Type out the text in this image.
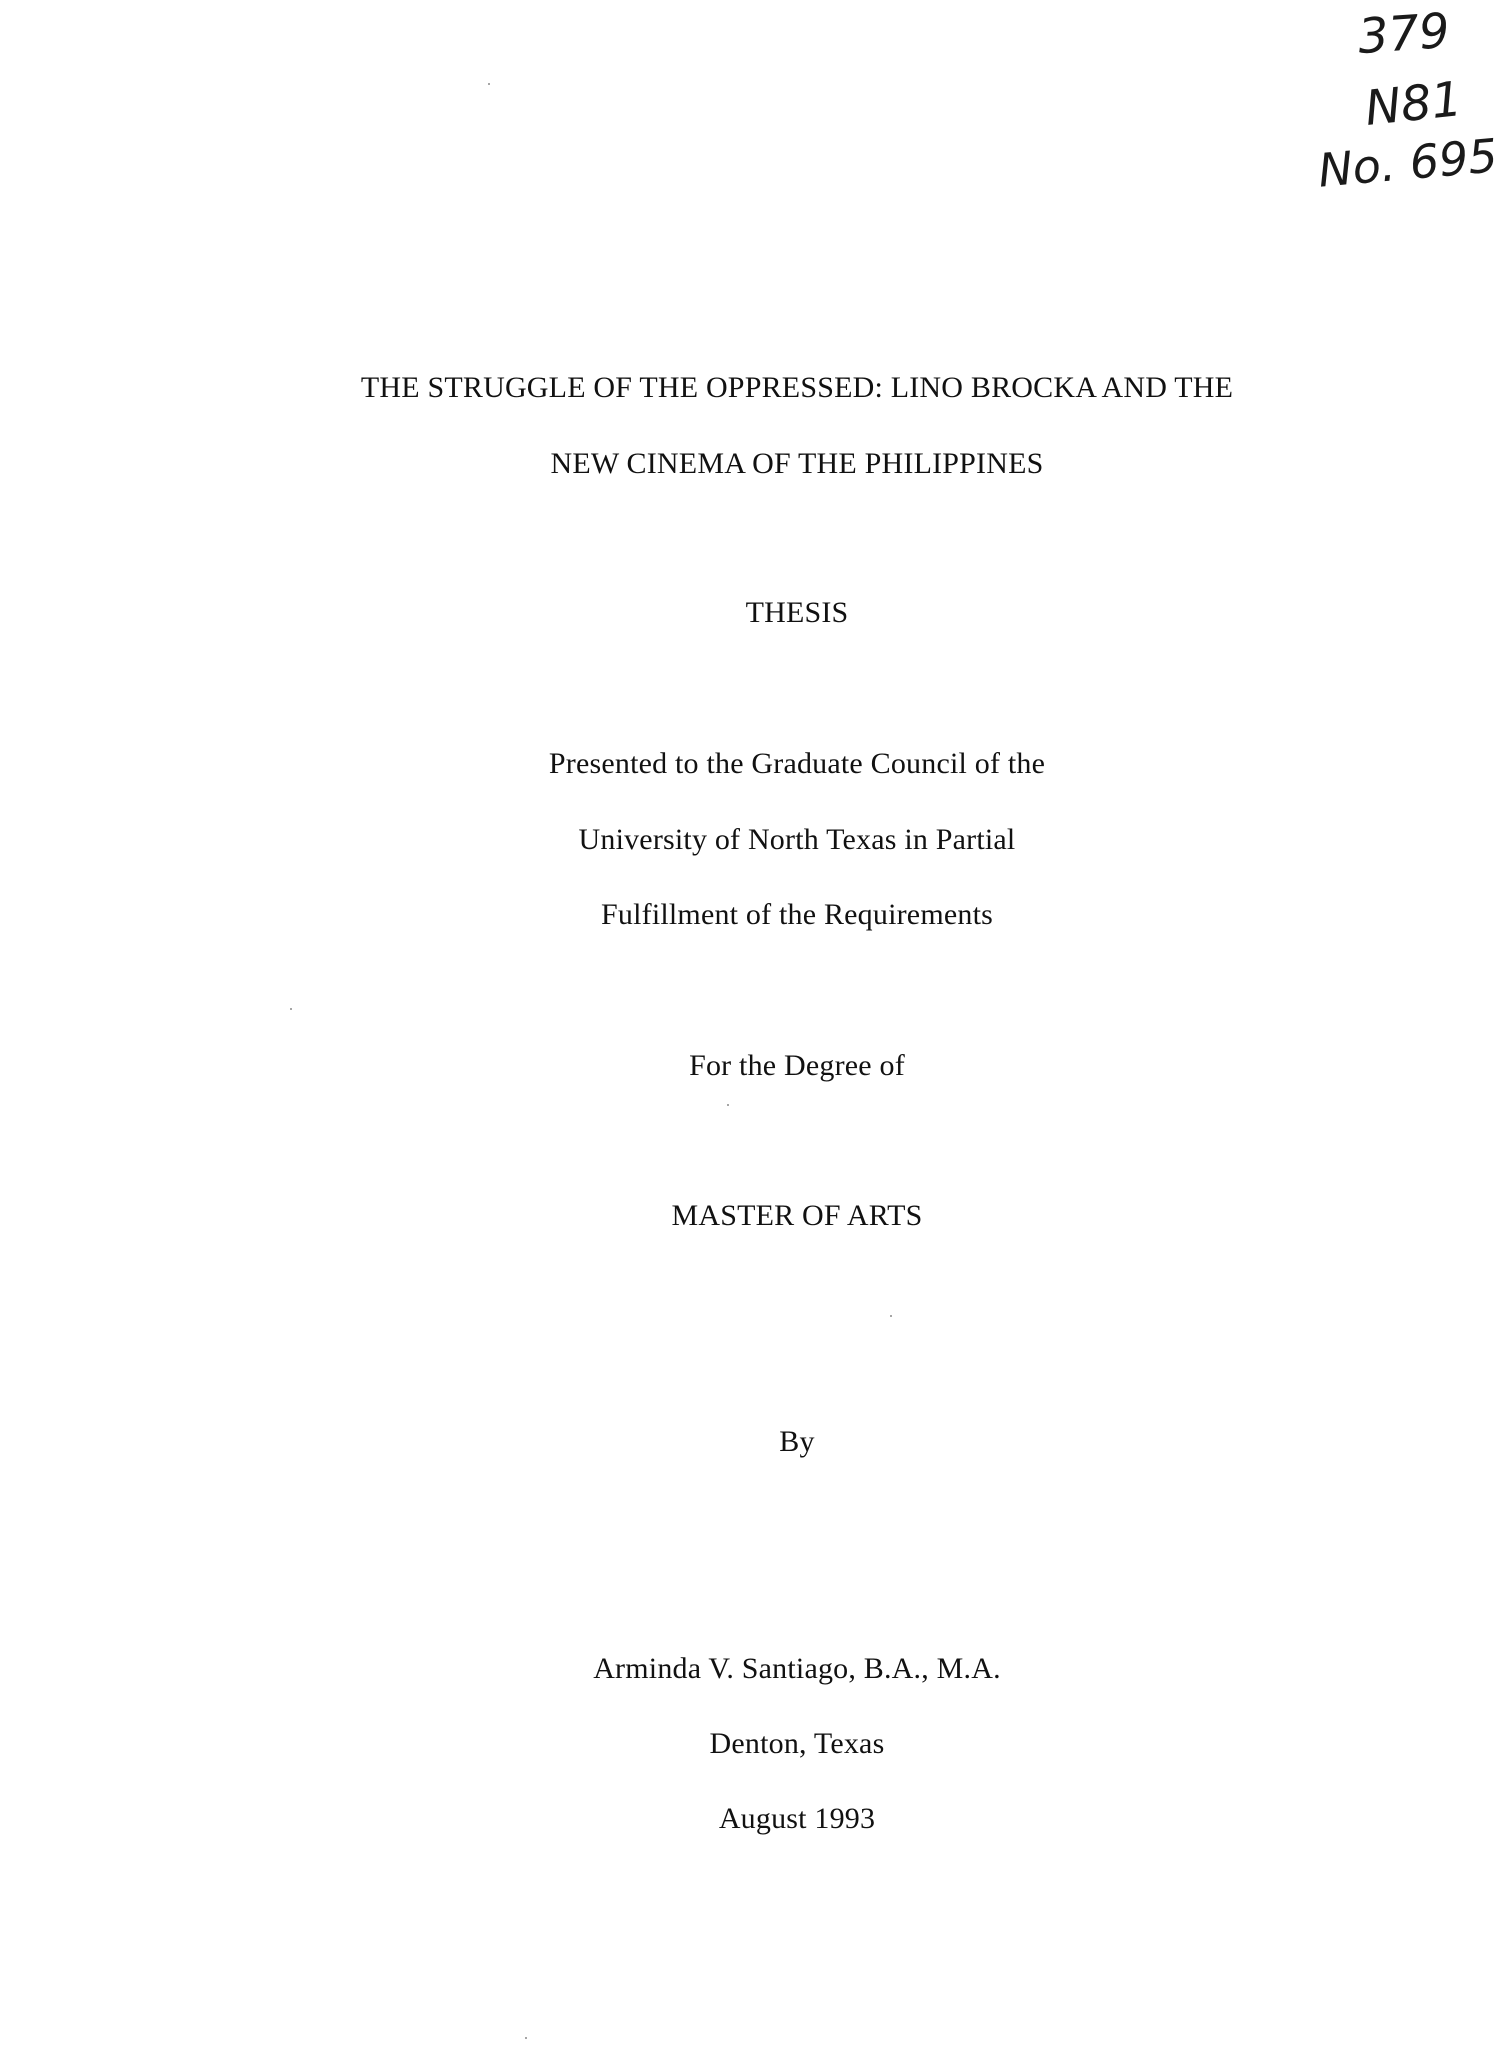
379
N81
No. 695
THE STRUGGLE OF THE OPPRESSED: LINO BROCKA AND THE
NEW CINEMA OF THE PHILIPPINES
THESIS
Presented to the Graduate Council of the
University of North Texas in Partial
Fulfillment of the Requirements
For the Degree of
MASTER OF ARTS
By
Arminda V. Santiago, B.A., M.A.
Denton, Texas
August 1993
